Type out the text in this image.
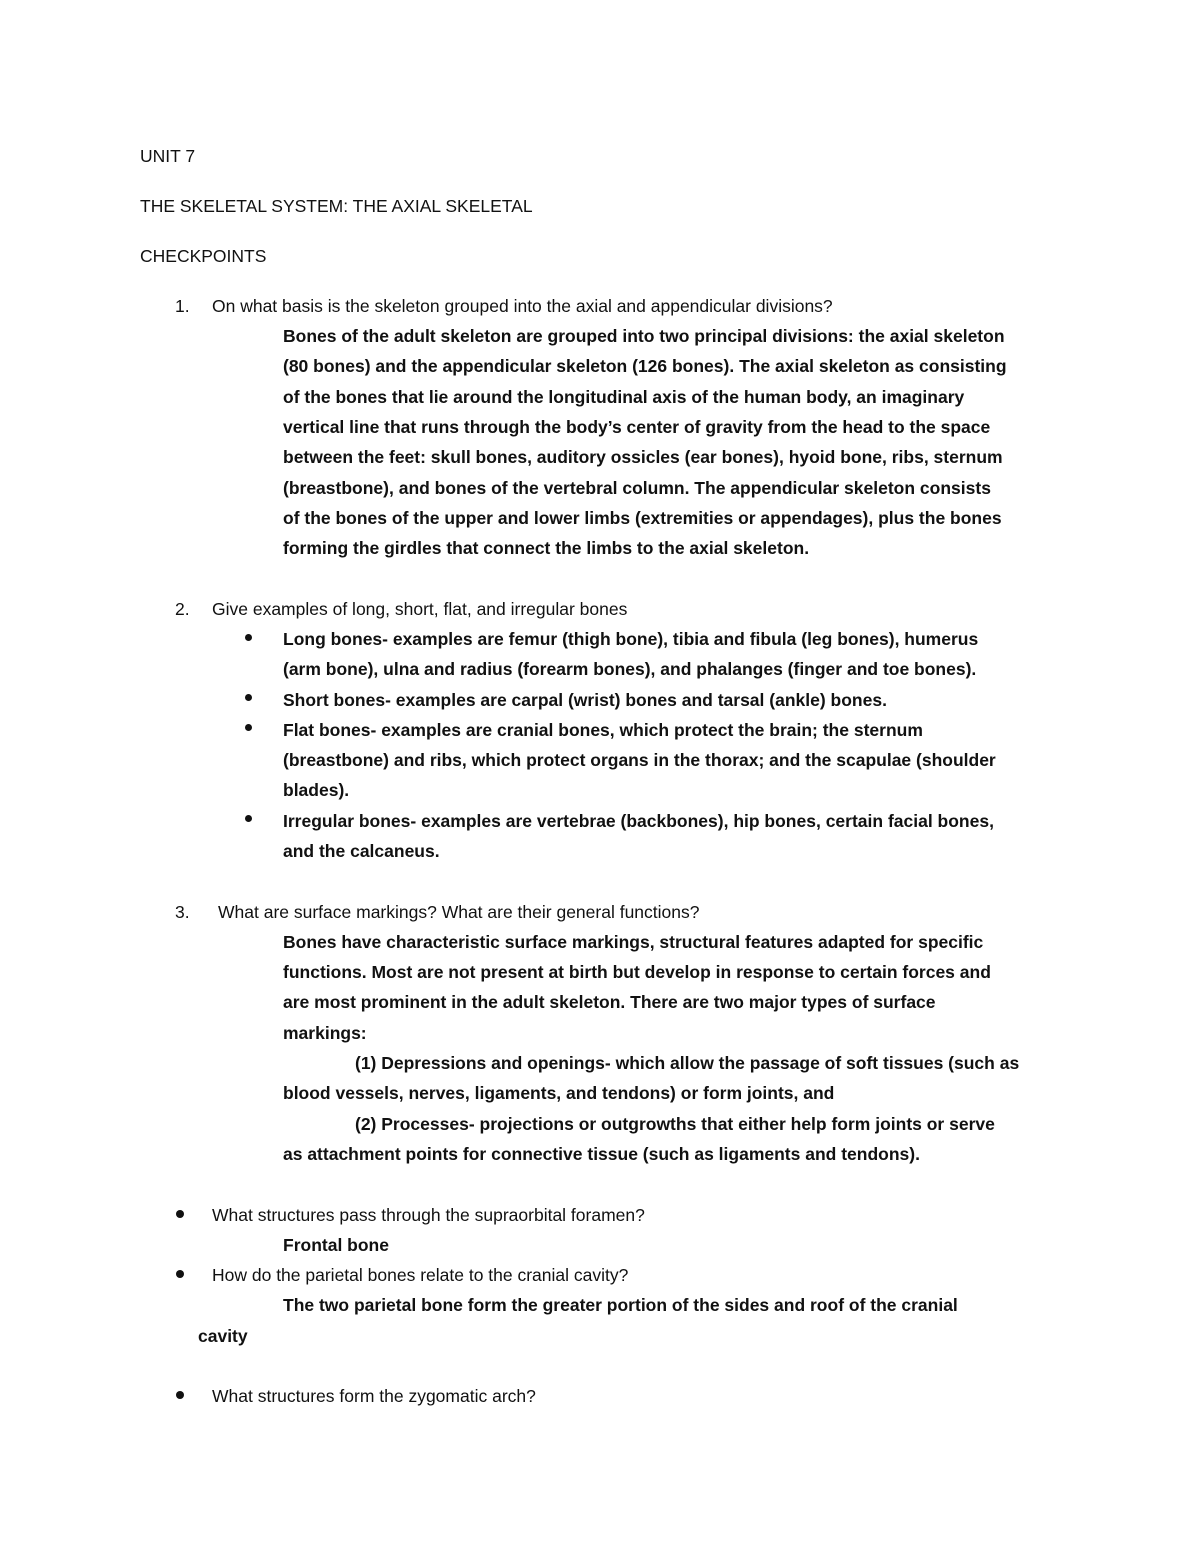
UNIT 7
THE SKELETAL SYSTEM: THE AXIAL SKELETAL
CHECKPOINTS
1. On what basis is the skeleton grouped into the axial and appendicular divisions?
Bones of the adult skeleton are grouped into two principal divisions: the axial skeleton
(80 bones) and the appendicular skeleton (126 bones). The axial skeleton as consisting
of the bones that lie around the longitudinal axis of the human body, an imaginary
vertical line that runs through the body’s center of gravity from the head to the space
between the feet: skull bones, auditory ossicles (ear bones), hyoid bone, ribs, sternum
(breastbone), and bones of the vertebral column. The appendicular skeleton consists
of the bones of the upper and lower limbs (extremities or appendages), plus the bones
forming the girdles that connect the limbs to the axial skeleton.
2. Give examples of long, short, flat, and irregular bones
Long bones- examples are femur (thigh bone), tibia and fibula (leg bones), humerus
(arm bone), ulna and radius (forearm bones), and phalanges (finger and toe bones).
Short bones- examples are carpal (wrist) bones and tarsal (ankle) bones.
Flat bones- examples are cranial bones, which protect the brain; the sternum
(breastbone) and ribs, which protect organs in the thorax; and the scapulae (shoulder
blades).
Irregular bones- examples are vertebrae (backbones), hip bones, certain facial bones,
and the calcaneus.
3. What are surface markings? What are their general functions?
Bones have characteristic surface markings, structural features adapted for specific
functions. Most are not present at birth but develop in response to certain forces and
are most prominent in the adult skeleton. There are two major types of surface
markings:
(1) Depressions and openings- which allow the passage of soft tissues (such as
blood vessels, nerves, ligaments, and tendons) or form joints, and
(2) Processes- projections or outgrowths that either help form joints or serve
as attachment points for connective tissue (such as ligaments and tendons).
What structures pass through the supraorbital foramen?
Frontal bone
How do the parietal bones relate to the cranial cavity?
The two parietal bone form the greater portion of the sides and roof of the cranial
cavity
What structures form the zygomatic arch?
